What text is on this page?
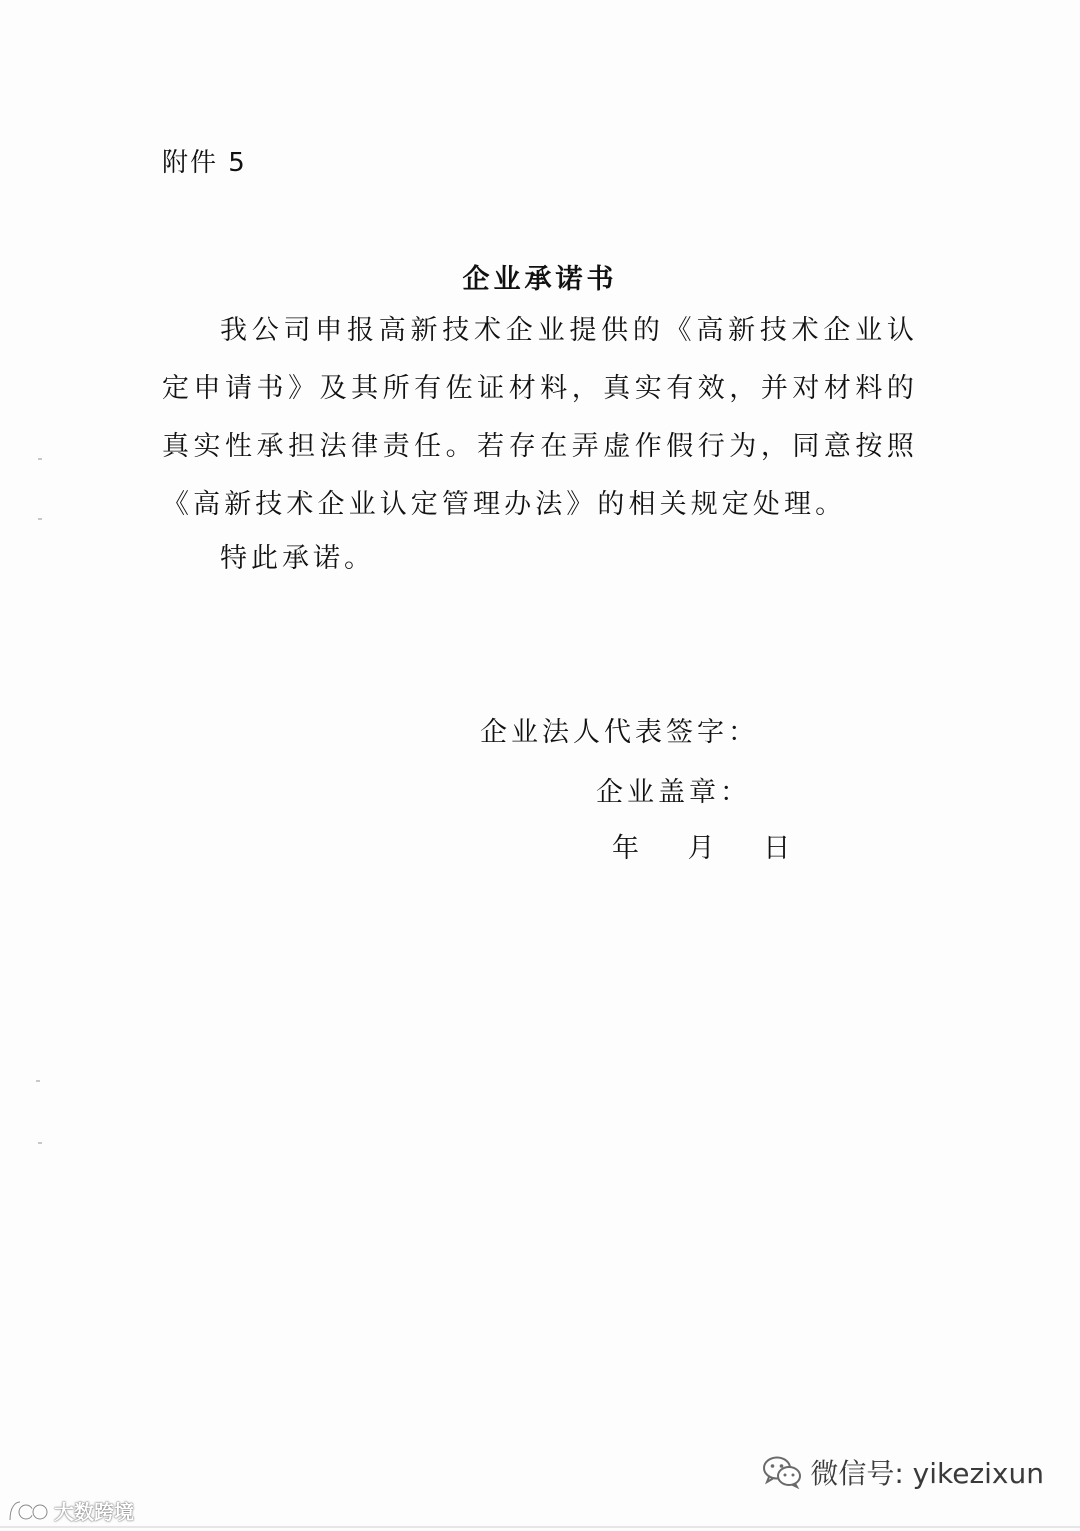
附件 5
企业承诺书

我公司申报高新技术企业提供的《高新技术企业认定申请书》及其所有佐证材料，真实有效，并对材料的真实性承担法律责任。若存在弄虚作假行为，同意按照《高新技术企业认定管理办法》的相关规定处理。

特此承诺。
企业法人代表签字：
企业盖章：
年 月 日
微信号: yikezixun
大数跨境
